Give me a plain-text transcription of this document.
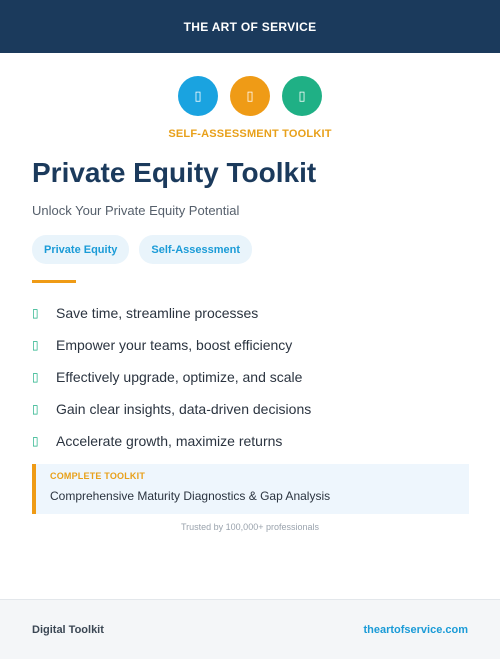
THE ART OF SERVICE
▯	▯	▯
SELF-ASSESSMENT TOOLKIT
Private Equity Toolkit

Unlock Your Private Equity Potential

Private Equity	Self-Assessment
▯	Save time, streamline processes
▯	Empower your teams, boost efficiency
▯	Effectively upgrade, optimize, and scale
▯	Gain clear insights, data-driven decisions
▯	Accelerate growth, maximize returns
COMPLETE TOOLKIT
Comprehensive Maturity Diagnostics & Gap Analysis
Trusted by 100,000+ professionals
Digital Toolkit	theartofservice.com
